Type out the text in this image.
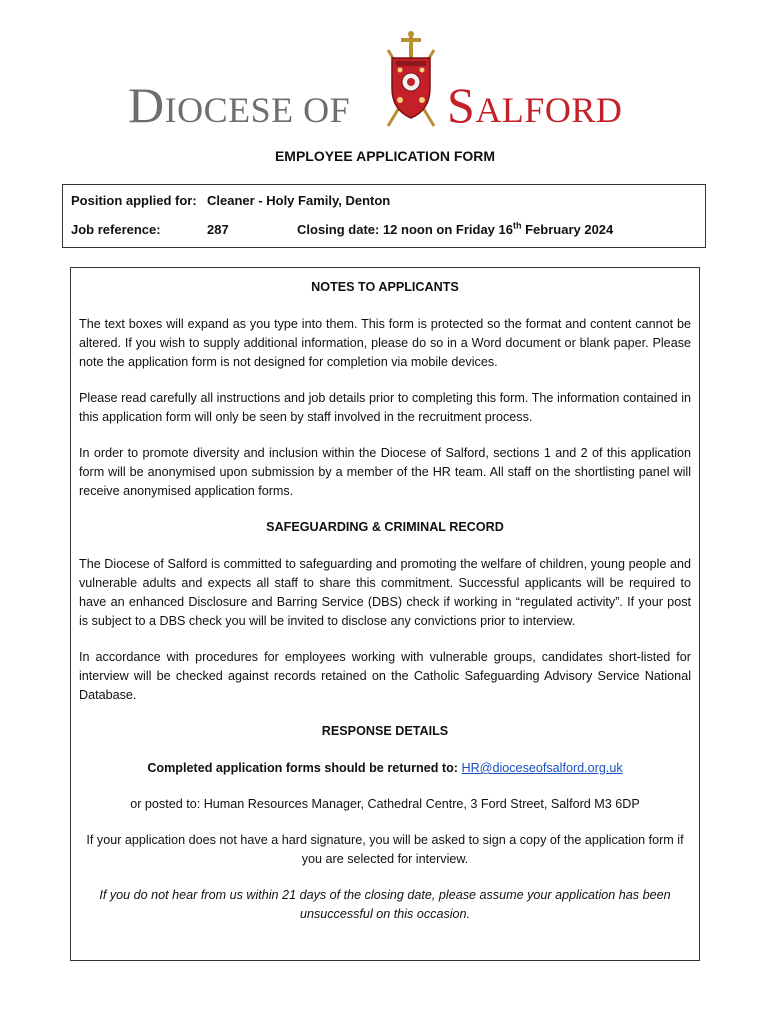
DIOCESE OF SALFORD
EMPLOYEE APPLICATION FORM
Position applied for: Cleaner - Holy Family, Denton
Job reference:	287	Closing date: 12 noon on Friday 16th February 2024
NOTES TO APPLICANTS

The text boxes will expand as you type into them. This form is protected so the format and content cannot be altered. If you wish to supply additional information, please do so in a Word document or blank paper. Please note the application form is not designed for completion via mobile devices.

Please read carefully all instructions and job details prior to completing this form. The information contained in this application form will only be seen by staff involved in the recruitment process.

In order to promote diversity and inclusion within the Diocese of Salford, sections 1 and 2 of this application form will be anonymised upon submission by a member of the HR team. All staff on the shortlisting panel will receive anonymised application forms.

SAFEGUARDING & CRIMINAL RECORD

The Diocese of Salford is committed to safeguarding and promoting the welfare of children, young people and vulnerable adults and expects all staff to share this commitment. Successful applicants will be required to have an enhanced Disclosure and Barring Service (DBS) check if working in “regulated activity”. If your post is subject to a DBS check you will be invited to disclose any convictions prior to interview.

In accordance with procedures for employees working with vulnerable groups, candidates short-listed for interview will be checked against records retained on the Catholic Safeguarding Advisory Service National Database.

RESPONSE DETAILS

Completed application forms should be returned to: HR@dioceseofsalford.org.uk

or posted to: Human Resources Manager, Cathedral Centre, 3 Ford Street, Salford M3 6DP

If your application does not have a hard signature, you will be asked to sign a copy of the application form if you are selected for interview.

If you do not hear from us within 21 days of the closing date, please assume your application has been unsuccessful on this occasion.
